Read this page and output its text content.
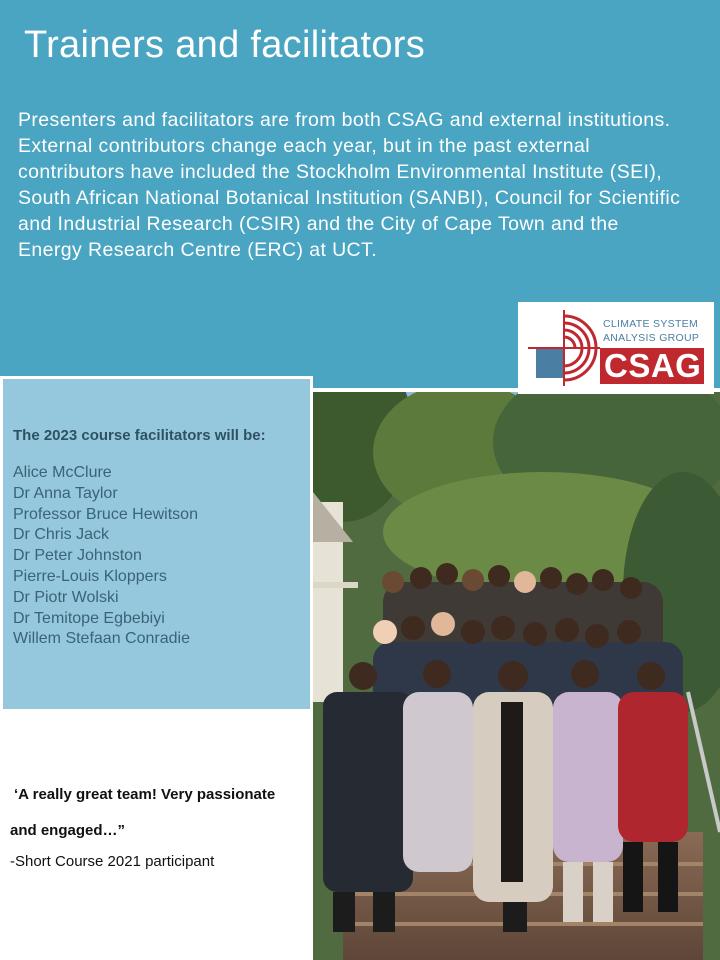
Trainers and facilitators

Presenters and facilitators are from both CSAG and external institutions. External contributors change each year, but in the past external contributors have included the Stockholm Environmental Institute (SEI), South African National Botanical Institution (SANBI), Council for Scientific and Industrial Research (CSIR) and the City of Cape Town and the Energy Research Centre (ERC) at UCT.

CLIMATE SYSTEM
ANALYSIS GROUP
CSAG
The 2023 course facilitators will be:
Alice McClure
Dr Anna Taylor
Professor Bruce Hewitson
Dr Chris Jack
Dr Peter Johnston
Pierre-Louis Kloppers
Dr Piotr Wolski
Dr Temitope Egbebiyi
Willem Stefaan Conradie
‘A really great team! Very passionate
and engaged…”
-Short Course 2021 participant
